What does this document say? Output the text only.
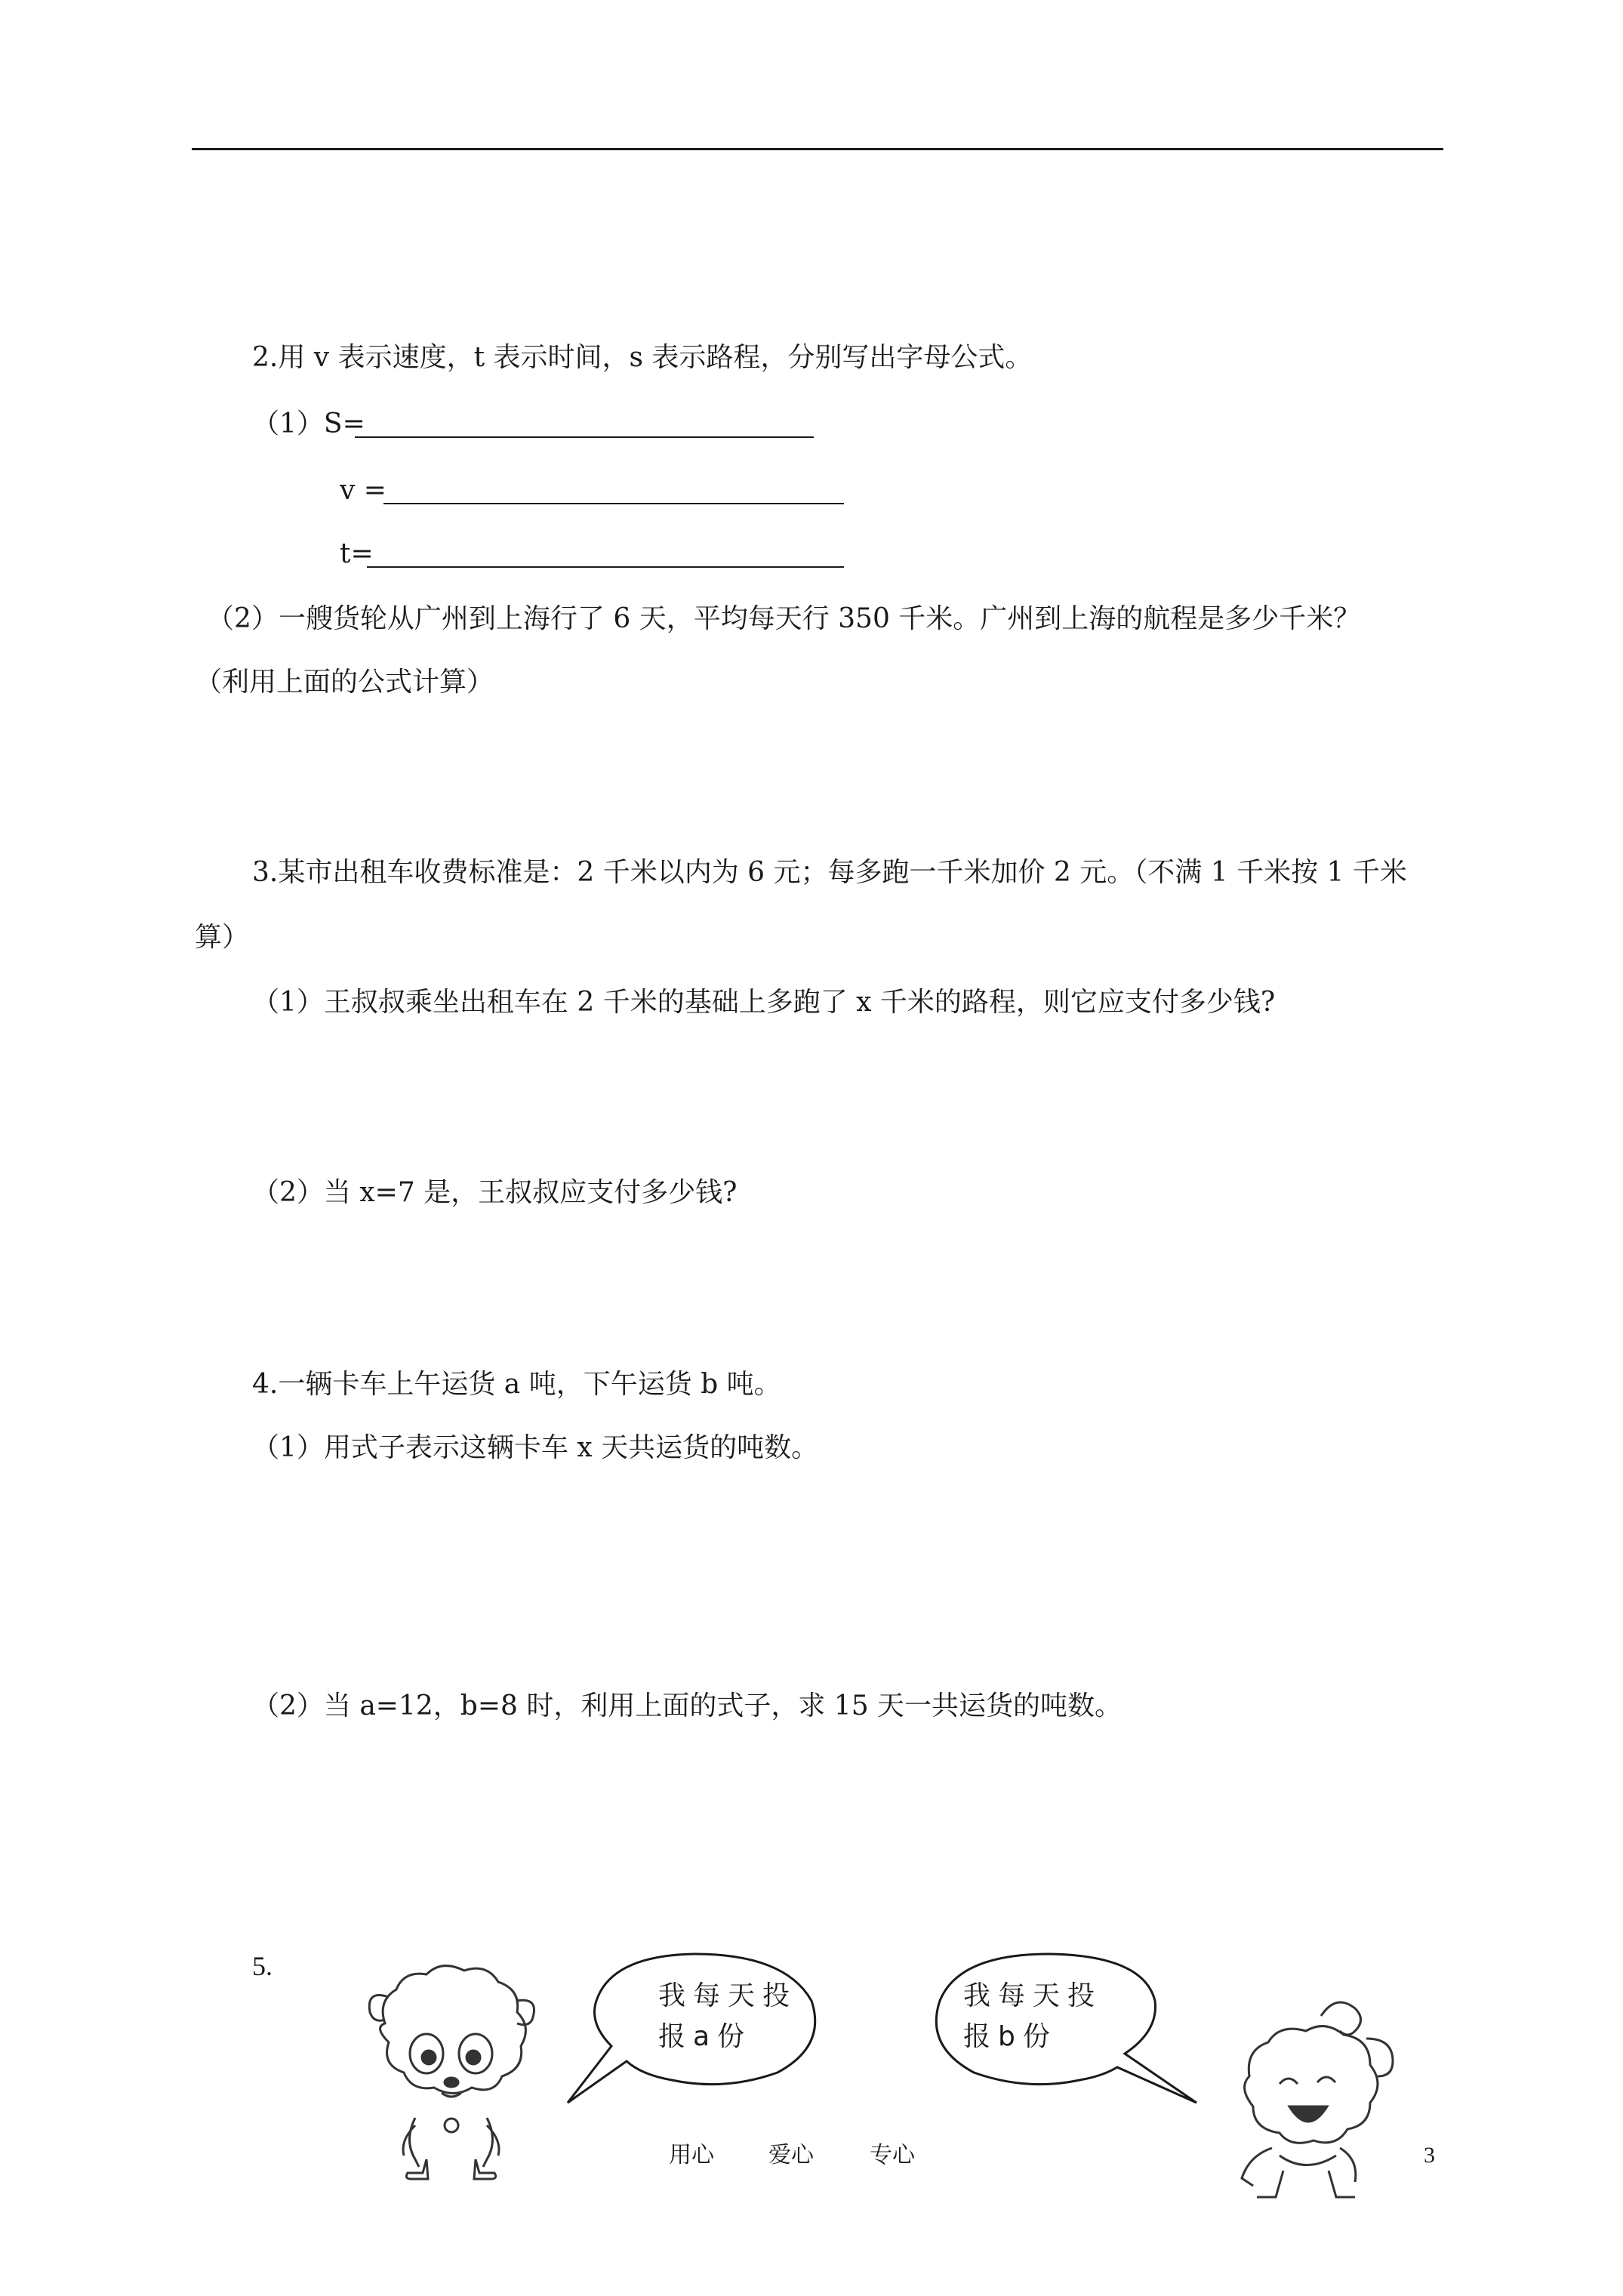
2.用 v 表示速度，t 表示时间，s 表示路程，分别写出字母公式。
（1）S=
v =
t=
（2）一艘货轮从广州到上海行了 6 天，平均每天行 350 千米。广州到上海的航程是多少千米？
（利用上面的公式计算）
3.某市出租车收费标准是：2 千米以内为 6 元；每多跑一千米加价 2 元。（不满 1 千米按 1 千米
算）
（1）王叔叔乘坐出租车在 2 千米的基础上多跑了 x 千米的路程，则它应支付多少钱?
（2）当 x=7 是，王叔叔应支付多少钱?
4.一辆卡车上午运货 a 吨，下午运货 b 吨。
（1）用式子表示这辆卡车 x 天共运货的吨数。
（2）当 a=12，b=8 时，利用上面的式子，求 15 天一共运货的吨数。
5.
我每天投
报a份
我每天投
报b份
用心 爱心 专心	3
